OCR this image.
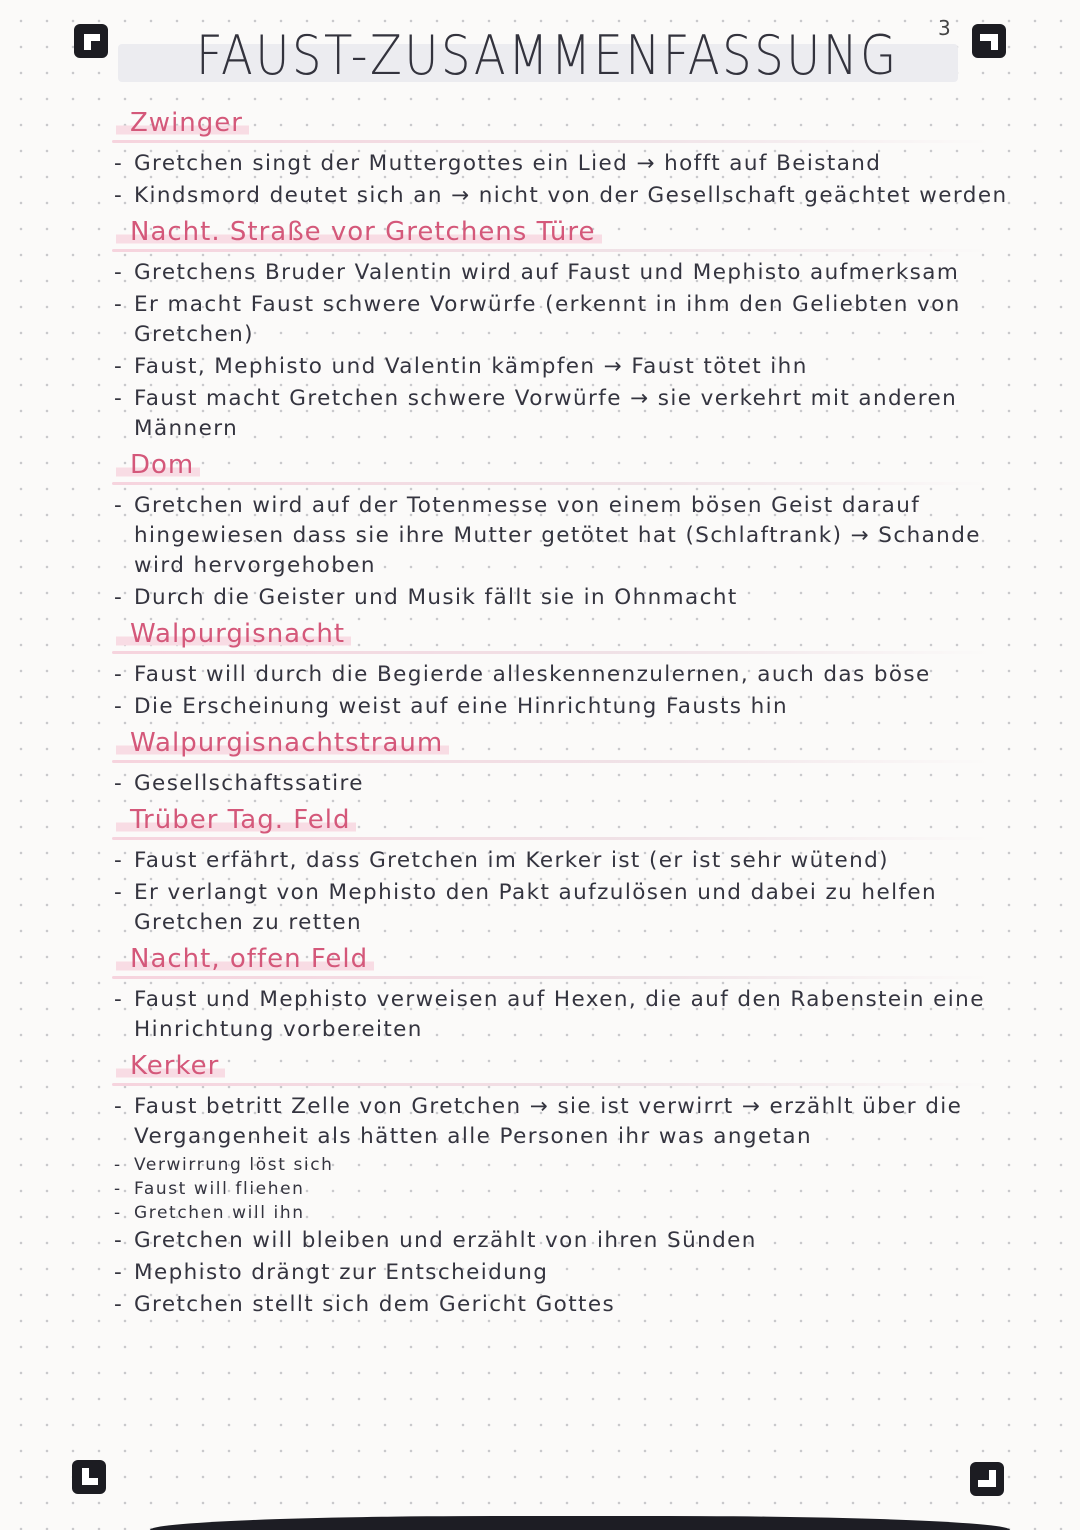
FAUST-ZUSAMMENFASSUNG 3
Zwinger
- Gretchen singt der Muttergottes ein Lied → hofft auf Beistand
- Kindsmord deutet sich an → nicht von der Gesellschaft geächtet werden
Nacht. Straße vor Gretchens Türe
- Gretchens Bruder Valentin wird auf Faust und Mephisto aufmerksam
- Er macht Faust schwere Vorwürfe (erkennt in ihm den Geliebten von Gretchen)
- Faust, Mephisto und Valentin kämpfen → Faust tötet ihn
- Faust macht Gretchen schwere Vorwürfe → sie verkehrt mit anderen Männern
Dom
- Gretchen wird auf der Totenmesse von einem bösen Geist darauf hingewiesen dass sie ihre Mutter getötet hat (Schlaftrank) → Schande wird hervorgehoben
- Durch die Geister und Musik fällt sie in Ohnmacht
Walpurgisnacht
- Faust will durch die Begierde alleskennenzulernen, auch das böse
- Die Erscheinung weist auf eine Hinrichtung Fausts hin
Walpurgisnachtstraum
- Gesellschaftssatire
Trüber Tag. Feld
- Faust erfährt, dass Gretchen im Kerker ist (er ist sehr wütend)
- Er verlangt von Mephisto den Pakt aufzulösen und dabei zu helfen Gretchen zu retten
Nacht, offen Feld
- Faust und Mephisto verweisen auf Hexen, die auf den Rabenstein eine Hinrichtung vorbereiten
Kerker
- Faust betritt Zelle von Gretchen → sie ist verwirrt → erzählt über die Vergangenheit als hätten alle Personen ihr was angetan
- Verwirrung löst sich
- Faust will fliehen
- Gretchen will ihn
- Gretchen will bleiben und erzählt von ihren Sünden
- Mephisto drängt zur Entscheidung
- Gretchen stellt sich dem Gericht Gottes
